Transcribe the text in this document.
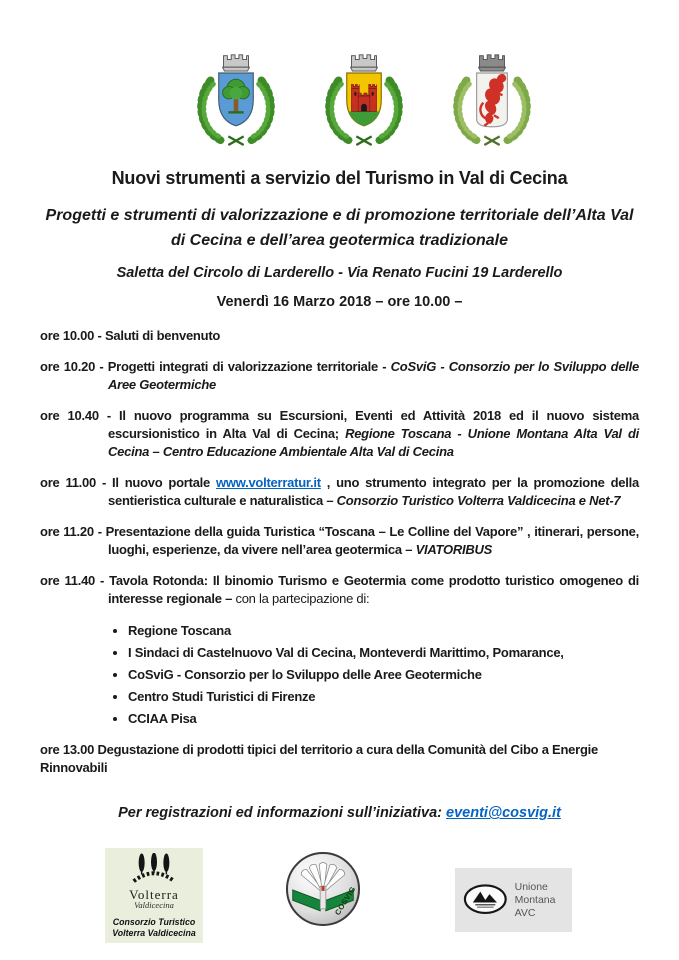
Nuovi strumenti a servizio del Turismo in Val di Cecina
Progetti e strumenti di valorizzazione e di promozione territoriale dell’Alta Val di Cecina e dell’area geotermica tradizionale
Saletta del Circolo di Larderello - Via Renato Fucini 19 Larderello
Venerdì 16 Marzo 2018 – ore 10.00 –

ore 10.00 - Saluti di benvenuto

ore 10.20 - Progetti integrati di valorizzazione territoriale - CoSviG - Consorzio per lo Sviluppo delle Aree Geotermiche

ore 10.40 - Il nuovo programma su Escursioni, Eventi ed Attività 2018 ed il nuovo sistema escursionistico in Alta Val di Cecina; Regione Toscana - Unione Montana Alta Val di Cecina – Centro Educazione Ambientale Alta Val di Cecina

ore 11.00 - Il nuovo portale www.volterratur.it , uno strumento integrato per la promozione della sentieristica culturale e naturalistica – Consorzio Turistico Volterra Valdicecina e Net-7

ore 11.20 - Presentazione della guida Turistica “Toscana – Le Colline del Vapore” , itinerari, persone, luoghi, esperienze, da vivere nell’area geotermica – VIATORIBUS

ore 11.40 - Tavola Rotonda: Il binomio Turismo e Geotermia come prodotto turistico omogeneo di interesse regionale – con la partecipazione di:

• Regione Toscana
• I Sindaci di Castelnuovo Val di Cecina, Monteverdi Marittimo, Pomarance,
• CoSviG - Consorzio per lo Sviluppo delle Aree Geotermiche
• Centro Studi Turistici di Firenze
• CCIAA Pisa

ore 13.00 Degustazione di prodotti tipici del territorio a cura della Comunità del Cibo a Energie Rinnovabili

Per registrazioni ed informazioni sull’iniziativa: eventi@cosvig.it
Volterra
Valdicecina
Consorzio Turistico
Volterra Valdicecina
COSVIG	Unione
Montana AVC
